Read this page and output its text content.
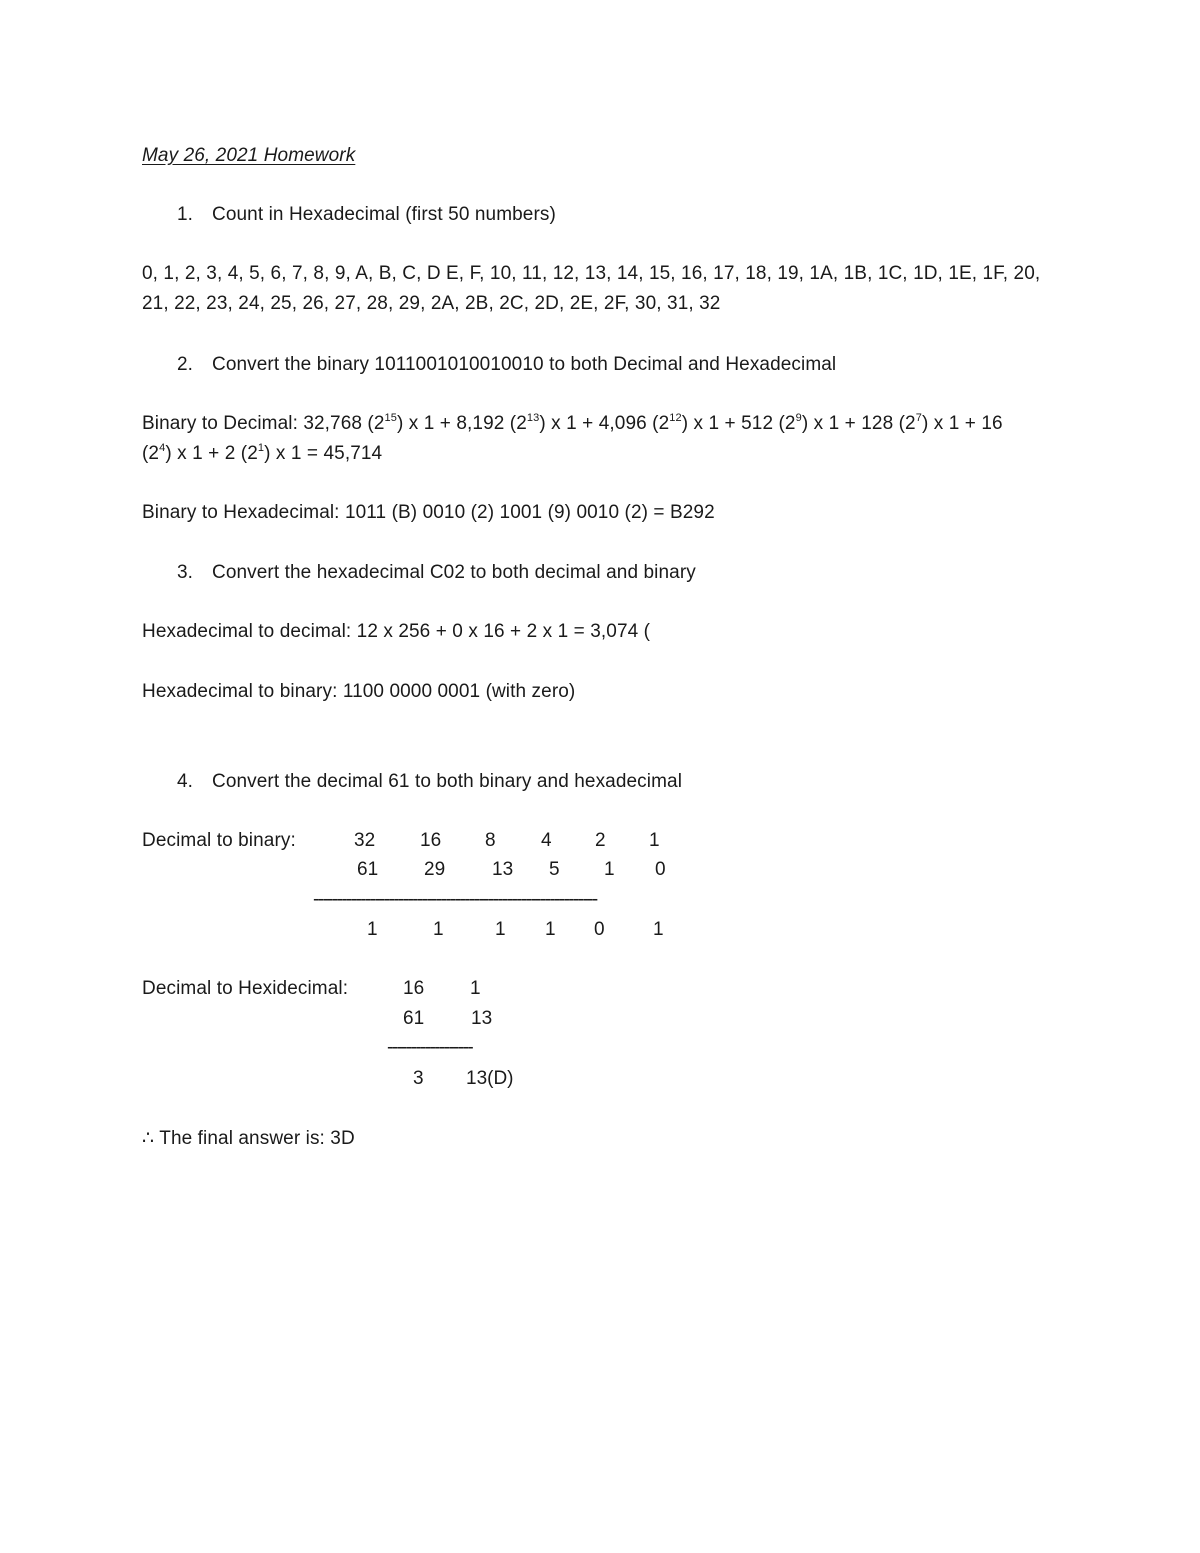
May 26, 2021 Homework
1. Count in Hexadecimal (first 50 numbers)
0, 1, 2, 3, 4, 5, 6, 7, 8, 9, A, B, C, D E, F, 10, 11, 12, 13, 14, 15, 16, 17, 18, 19, 1A, 1B, 1C, 1D, 1E, 1F, 20,
21, 22, 23, 24, 25, 26, 27, 28, 29, 2A, 2B, 2C, 2D, 2E, 2F, 30, 31, 32
2. Convert the binary 1011001010010010 to both Decimal and Hexadecimal
Binary to Decimal: 32,768 $(2^{15})$ x 1 + 8,192 $(2^{13})$ x 1 + 4,096 $(2^{12})$ x 1 + 512 $(2^9)$ x 1 + 128 $(2^7)$ x 1 + 16
$(2^4)$ x 1 + 2 $(2^1)$ x 1 = 45,714
Binary to Hexadecimal: 1011 (B) 0010 (2) 1001 (9) 0010 (2) = B292
3. Convert the hexadecimal C02 to both decimal and binary
Hexadecimal to decimal: 12 x 256 + 0 x 16 + 2 x 1 = 3,074 (
Hexadecimal to binary: 1100 0000 0001 (with zero)
4. Convert the decimal 61 to both binary and hexadecimal
Decimal to binary:	32 16 8 4 2 1
61 29 13 5 1 0
------------------------------------------------------------
1	1	1 1 0	1
Decimal to Hexidecimal:	16 1
61 13
------------------
3 13(D)
∴ The final answer is: 3D
